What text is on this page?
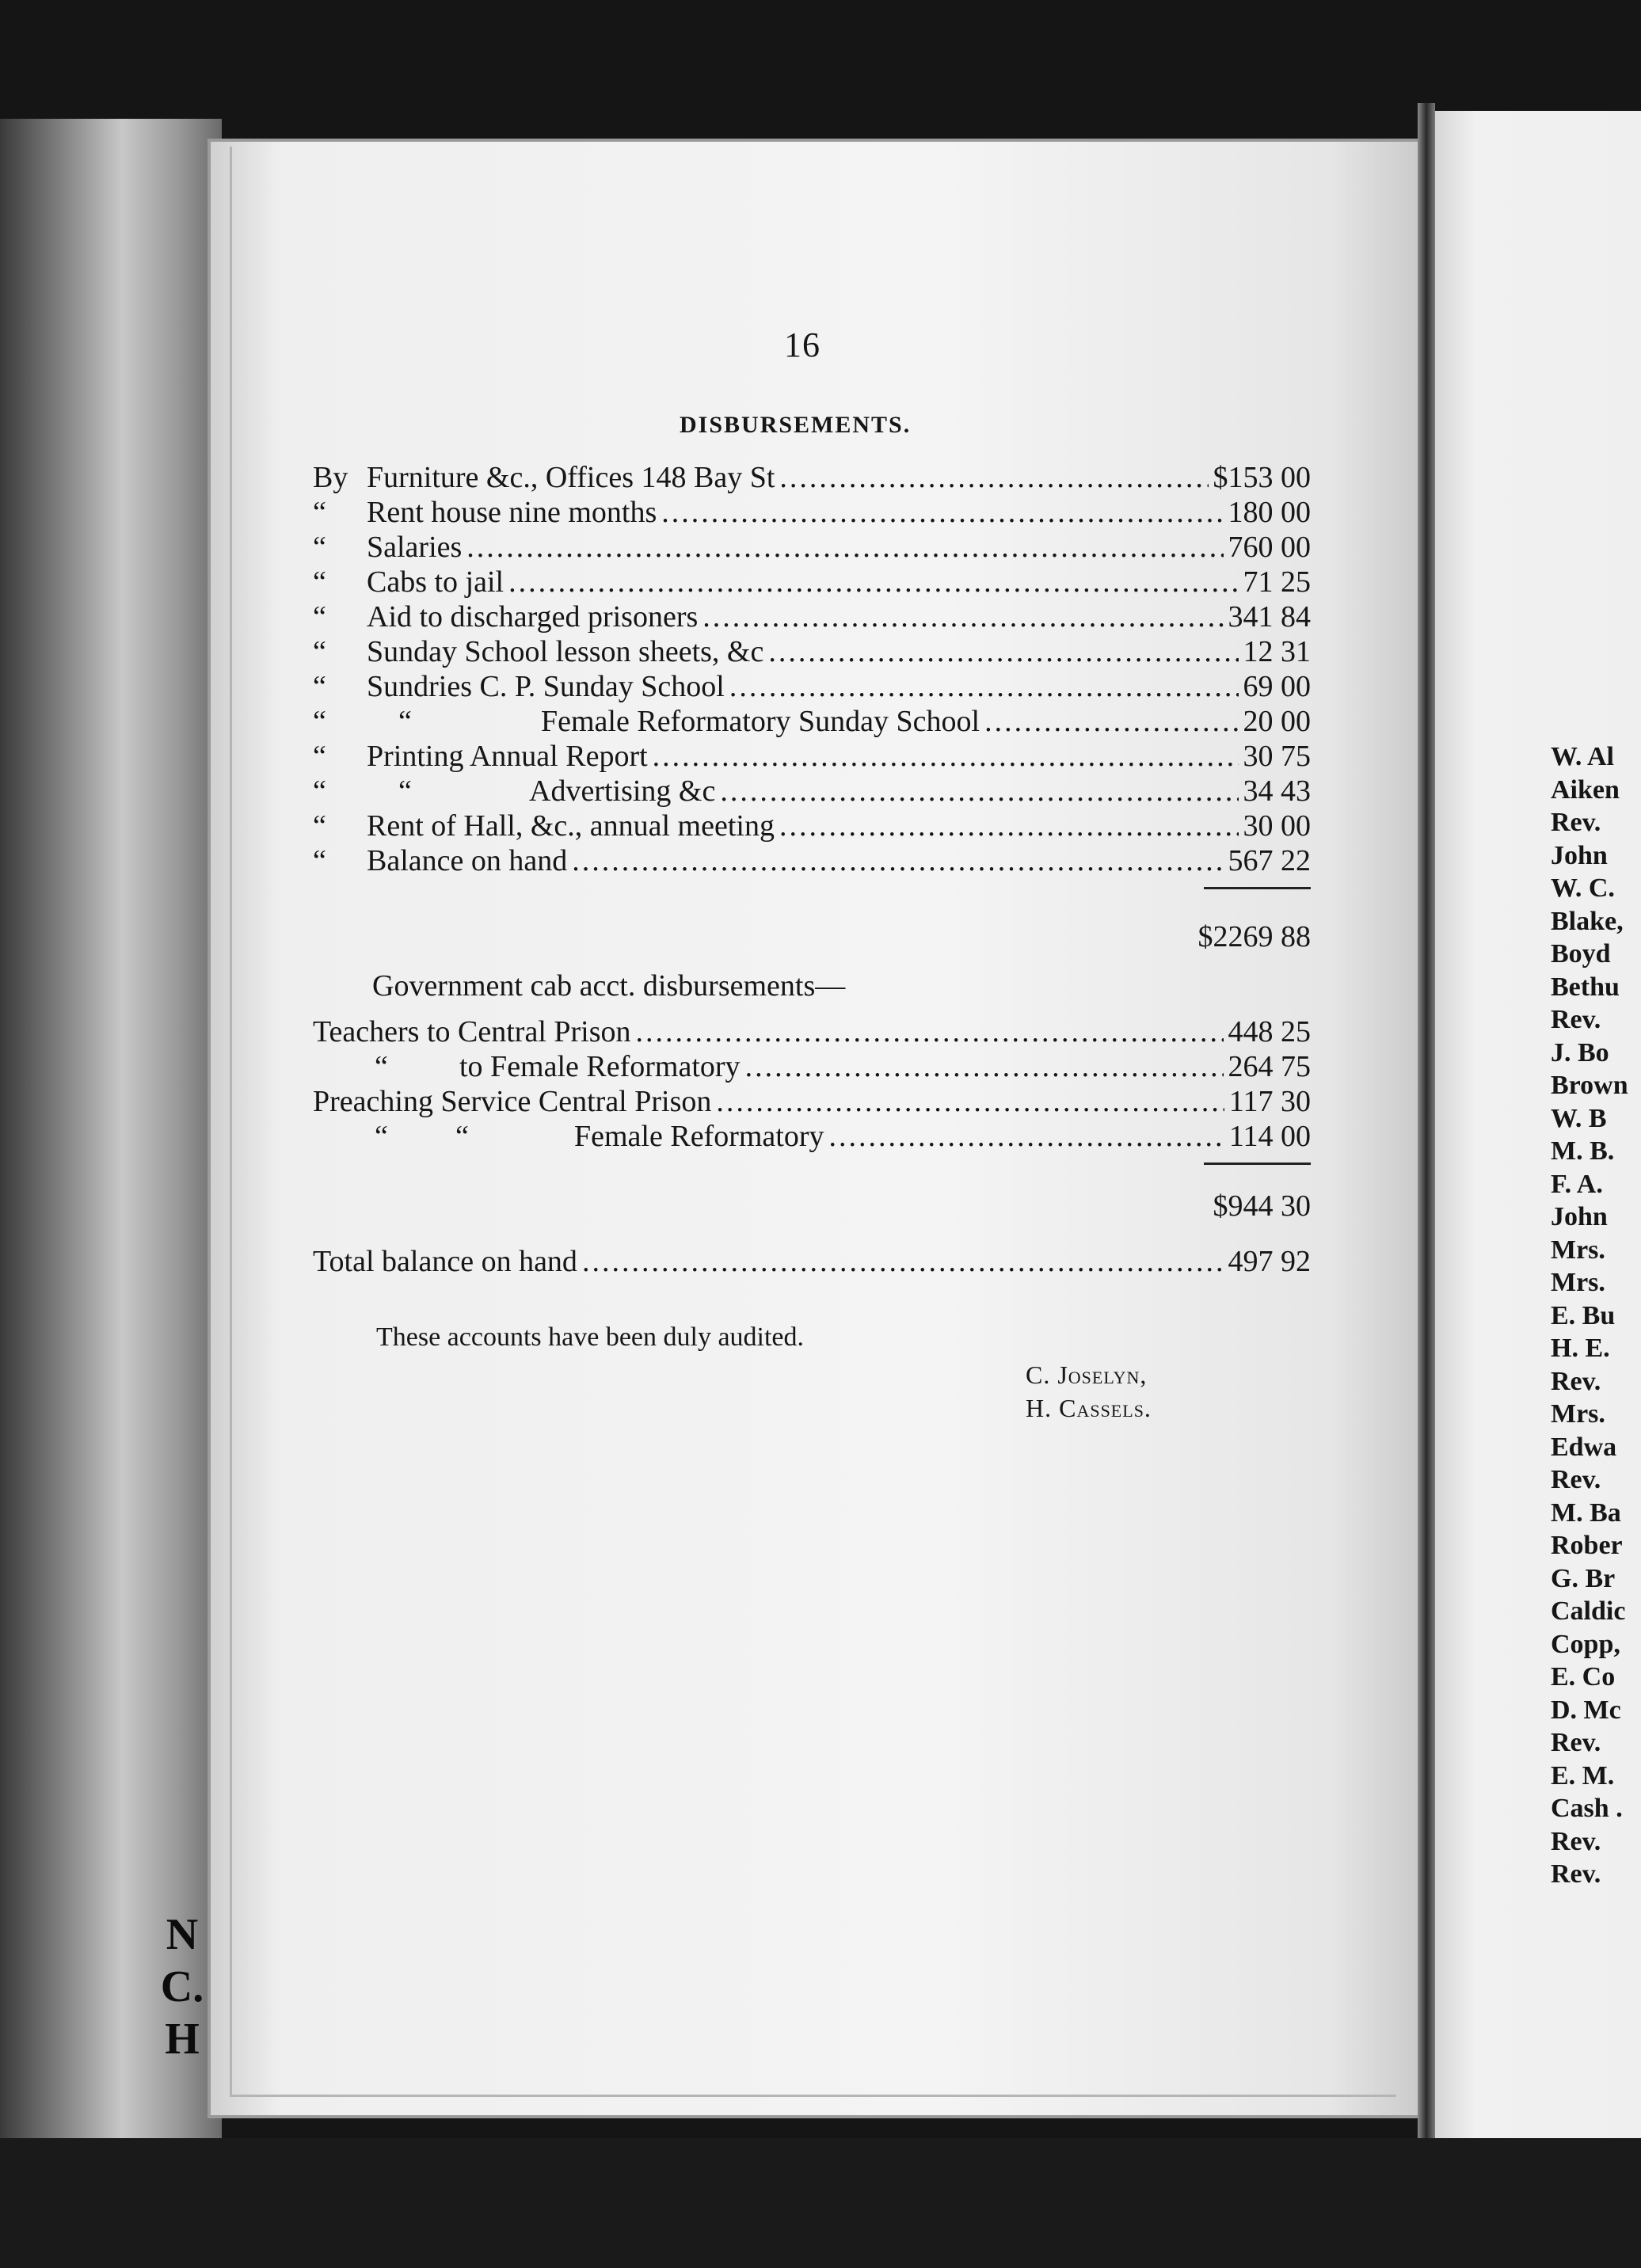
N
C.
H
16
DISBURSEMENTS.
By Furniture &c., Offices 148 Bay St .....	$153 00
“ Rent house nine months .....	180 00
“ Salaries .....	760 00
“ Cabs to jail .....	71 25
“ Aid to discharged prisoners .....	341 84
“ Sunday School lesson sheets, &c .....	12 31
“ Sundries C. P. Sunday School .....	69 00
“ “	Female Reformatory Sunday School .....	20 00
“ Printing Annual Report .....	30 75
“ “	Advertising &c .....	34 43
“ Rent of Hall, &c., annual meeting .....	30 00
“ Balance on hand .....	567 22
$2269 88
Government cab acct. disbursements—
Teachers to Central Prison .....	448 25
“ to Female Reformatory .....	264 75
Preaching Service Central Prison .....	117 30
“ “	Female Reformatory .....	114 00
$944 30
Total balance on hand .....	497 92
These accounts have been duly audited.
C. Joselyn,
H. Cassels.
W. Al
Aiken
Rev.
John
W. C.
Blake,
Boyd
Bethu
Rev.
J. Bo
Brown
W. B
M. B.
F. A.
John
Mrs.
Mrs.
E. Bu
H. E.
Rev.
Mrs.
Edwa
Rev.
M. Ba
Rober
G. Br
Caldic
Copp,
E. Co
D. Mc
Rev.
E. M.
Cash .
Rev.
Rev.
